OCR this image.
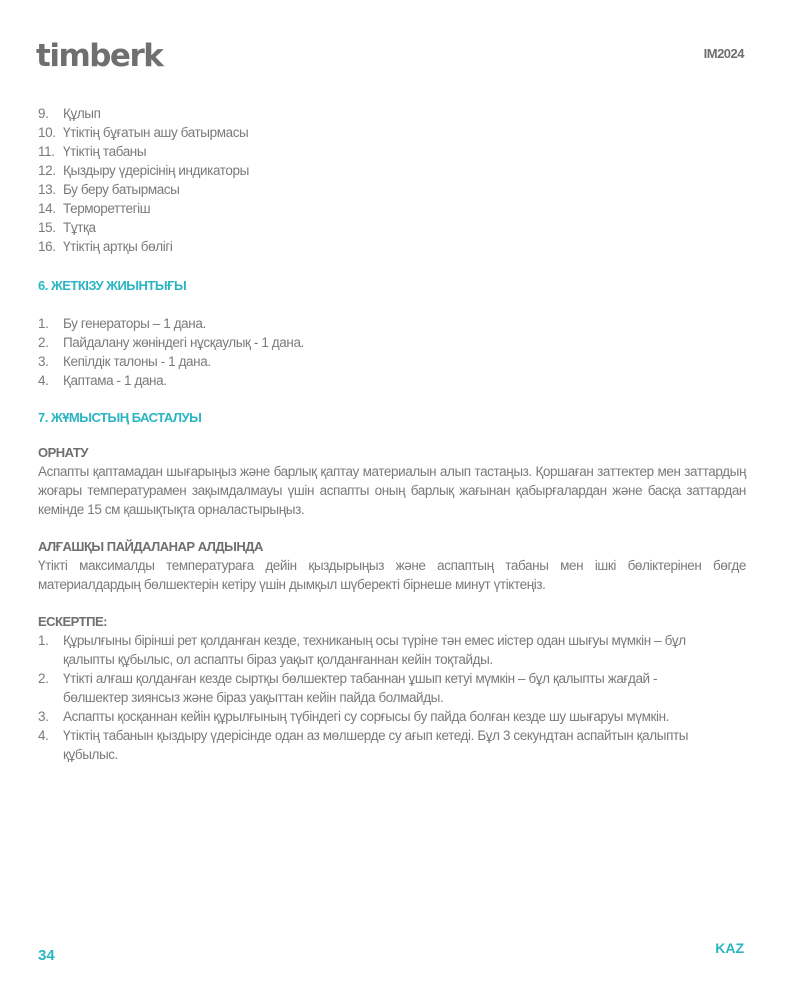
timberk	IM2024
9.	Құлып
10. Үтіктің бұғатын ашу батырмасы
11. Үтіктің табаны
12. Қыздыру үдерісінің индикаторы
13. Бу беру батырмасы
14. Термореттегіш
15. Тұтқа
16. Үтіктің артқы бөлігі
6. ЖЕТКІЗУ ЖИЫНТЫҒЫ
1.	Бу генераторы – 1 дана.
2.	Пайдалану жөніндегі нұсқаулық - 1 дана.
3.	Кепілдік талоны - 1 дана.
4.	Қаптама - 1 дана.
7. ЖҰМЫСТЫҢ БАСТАЛУЫ
ОРНАТУ

Аспапты қаптамадан шығарыңыз және барлық қаптау материалын алып тастаңыз. Қоршаған заттектер мен заттардың жоғары температурамен зақымдалмауы үшін аспапты оның барлық жағынан қабырғалардан және басқа заттардан кемінде 15 см қашықтықта орналастырыңыз.

АЛҒАШҚЫ ПАЙДАЛАНАР АЛДЫНДА

Үтікті максималды температураға дейін қыздырыңыз және аспаптың табаны мен ішкі бөліктерінен бөгде материалдардың бөлшектерін кетіру үшін дымқыл шүберекті бірнеше минут үтіктеңіз.

ЕСКЕРТПЕ:
1.	Құрылғыны бірінші рет қолданған кезде, техниканың осы түріне тән емес иістер одан шығуы мүмкін – бұл қалыпты құбылыс, ол аспапты біраз уақыт қолданғаннан кейін тоқтайды.
2.	Үтікті алғаш қолданған кезде сыртқы бөлшектер табаннан ұшып кетуі мүмкін – бұл қалыпты жағдай - бөлшектер зиянсыз және біраз уақыттан кейін пайда болмайды.
3.	Аспапты қосқаннан кейін құрылғының түбіндегі су сорғысы бу пайда болған кезде шу шығаруы мүмкін.
4.	Үтіктің табанын қыздыру үдерісінде одан аз мөлшерде су ағып кетеді. Бұл 3 секундтан аспайтын қалыпты құбылыс.
34	KAZ
